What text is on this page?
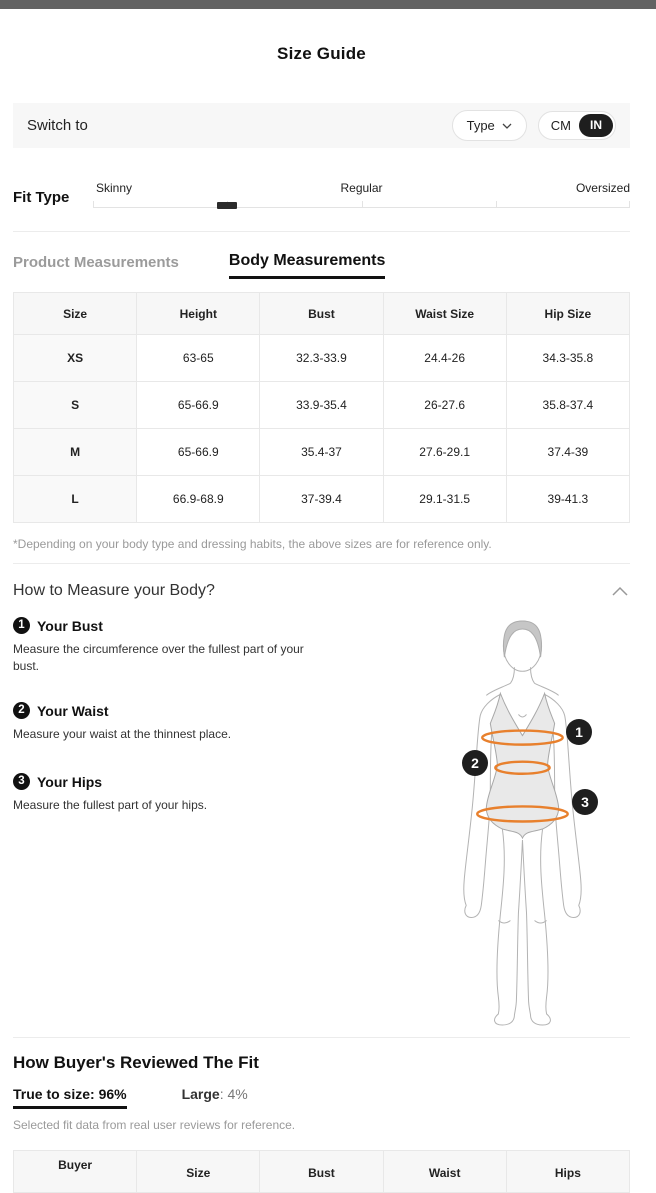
Size Guide
Switch to	Type	CM	IN
Fit Type
Skinny	Regular	Oversized
Product Measurements	Body Measurements
Size	Height	Bust	Waist Size	Hip Size
XS	63-65	32.3-33.9	24.4-26	34.3-35.8
S	65-66.9	33.9-35.4	26-27.6	35.8-37.4
M	65-66.9	35.4-37	27.6-29.1	37.4-39
L	66.9-68.9	37-39.4	29.1-31.5	39-41.3

*Depending on your body type and dressing habits, the above sizes are for reference only.

How to Measure your Body?
1 Your Bust
Measure the circumference over the fullest part of your bust.
2 Your Waist
Measure your waist at the thinnest place.
3 Your Hips
Measure the fullest part of your hips.
1
2
3
How Buyer's Reviewed The Fit
True to size: 96%	Large: 4%

Selected fit data from real user reviews for reference.

Buyer	Size	Bust	Waist	Hips
